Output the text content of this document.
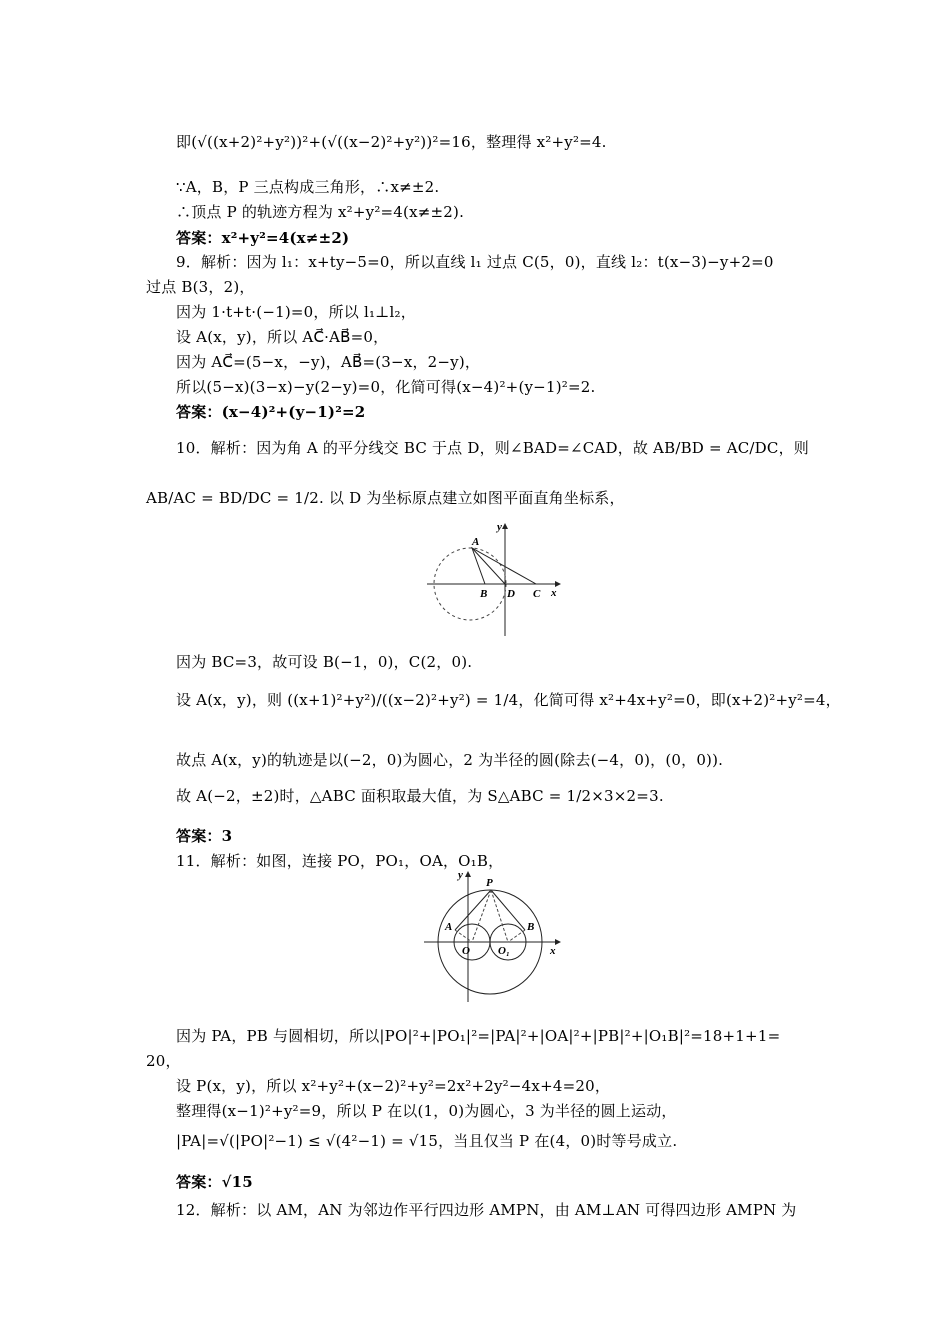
即(√((x+2)²+y²))²+(√((x−2)²+y²))²=16，整理得 x²+y²=4.
∵A，B，P 三点构成三角形，∴x≠±2.
∴顶点 P 的轨迹方程为 x²+y²=4(x≠±2).
答案：x²+y²=4(x≠±2)
9．解析：因为 l₁：x+ty−5=0，所以直线 l₁ 过点 C(5，0)，直线 l₂：t(x−3)−y+2=0
过点 B(3，2)，
因为 1·t+t·(−1)=0，所以 l₁⊥l₂，
设 A(x，y)，所以 AC⃗·AB⃗=0，
因为 AC⃗=(5−x，−y)，AB⃗=(3−x，2−y)，
所以(5−x)(3−x)−y(2−y)=0，化简可得(x−4)²+(y−1)²=2.
答案：(x−4)²+(y−1)²=2
10．解析：因为角 A 的平分线交 BC 于点 D，则∠BAD=∠CAD，故 AB/BD = AC/DC，则
AB/AC = BD/DC = 1/2. 以 D 为坐标原点建立如图平面直角坐标系，
y
x
A
B D C
因为 BC=3，故可设 B(−1，0)，C(2，0).
设 A(x，y)，则 ((x+1)²+y²)/((x−2)²+y²) = 1/4，化简可得 x²+4x+y²=0，即(x+2)²+y²=4，
故点 A(x，y)的轨迹是以(−2，0)为圆心，2 为半径的圆(除去(−4，0)，(0，0)).
故 A(−2，±2)时，△ABC 面积取最大值，为 S△ABC = 1/2×3×2=3.
答案：3
11．解析：如图，连接 PO，PO₁，OA，O₁B，
y
x
P
A	B
O	O₁
因为 PA，PB 与圆相切，所以|PO|²+|PO₁|²=|PA|²+|OA|²+|PB|²+|O₁B|²=18+1+1=
20，
设 P(x，y)，所以 x²+y²+(x−2)²+y²=2x²+2y²−4x+4=20，
整理得(x−1)²+y²=9，所以 P 在以(1，0)为圆心，3 为半径的圆上运动，
|PA|=√(|PO|²−1) ≤ √(4²−1) = √15，当且仅当 P 在(4，0)时等号成立.
答案：√15
12．解析：以 AM，AN 为邻边作平行四边形 AMPN，由 AM⊥AN 可得四边形 AMPN 为
